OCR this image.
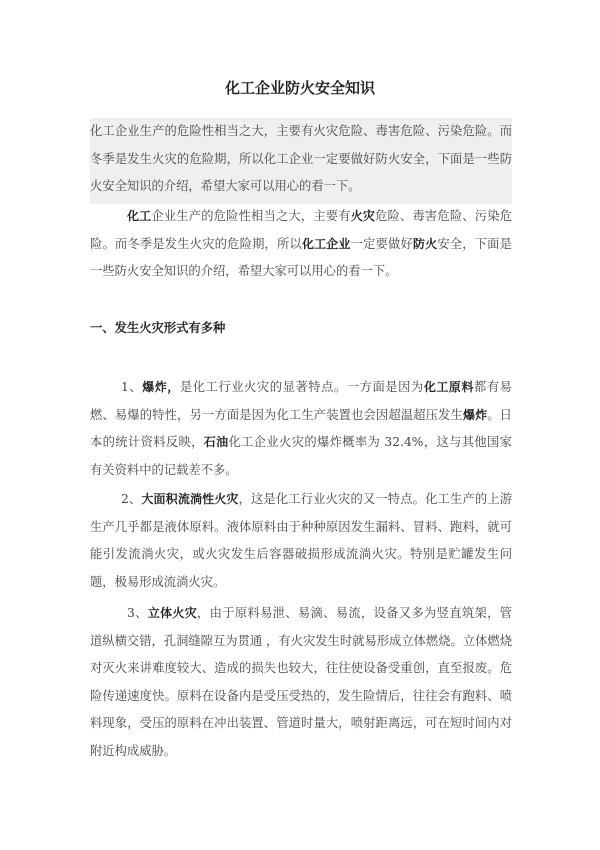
化工企业防火安全知识
化工企业生产的危险性相当之大，主要有火灾危险、毒害危险、污染危险。而冬季是发生火灾的危险期，所以化工企业一定要做好防火安全，下面是一些防火安全知识的介绍，希望大家可以用心的看一下。
化工企业生产的危险性相当之大，主要有火灾危险、毒害危险、污染危险。而冬季是发生火灾的危险期，所以化工企业一定要做好防火安全，下面是一些防火安全知识的介绍，希望大家可以用心的看一下。
一、发生火灾形式有多种
1、爆炸，是化工行业火灾的显著特点。一方面是因为化工原料都有易燃、易爆的特性，另一方面是因为化工生产装置也会因超温超压发生爆炸。日本的统计资料反映，石油化工企业火灾的爆炸概率为 32.4%，这与其他国家有关资料中的记载差不多。
2、大面积流淌性火灾，这是化工行业火灾的又一特点。化工生产的上游生产几乎都是液体原料。液体原料由于种种原因发生漏料、冒料、跑料，就可能引发流淌火灾，或火灾发生后容器破损形成流淌火灾。特别是贮罐发生问题，极易形成流淌火灾。
3、立体火灾，由于原料易泄、易滴、易流，设备又多为竖直筑架，管道纵横交错，孔洞缝隙互为贯通 ，有火灾发生时就易形成立体燃烧。立体燃烧对灭火来讲难度较大、造成的损失也较大，往往使设备受重创，直至报废。危险传递速度快。原料在设备内是受压受热的，发生险情后，往往会有跑料、喷料现象，受压的原料在冲出装置、管道时量大，喷射距离远，可在短时间内对附近构成威胁。
